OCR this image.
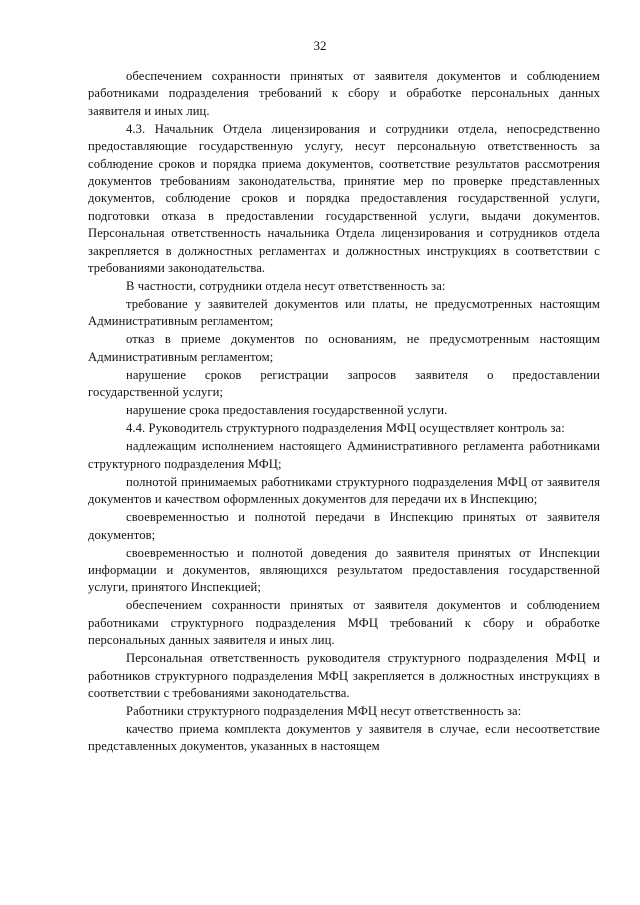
32

обеспечением сохранности принятых от заявителя документов и соблюдением работниками подразделения требований к сбору и обработке персональных данных заявителя и иных лиц.

4.3. Начальник Отдела лицензирования и сотрудники отдела, непосредственно предоставляющие государственную услугу, несут персональную ответственность за соблюдение сроков и порядка приема документов, соответствие результатов рассмотрения документов требованиям законодательства, принятие мер по проверке представленных документов, соблюдение сроков и порядка предоставления государственной услуги, подготовки отказа в предоставлении государственной услуги, выдачи документов. Персональная ответственность начальника Отдела лицензирования и сотрудников отдела закрепляется в должностных регламентах и должностных инструкциях в соответствии с требованиями законодательства.

В частности, сотрудники отдела несут ответственность за:

требование у заявителей документов или платы, не предусмотренных настоящим Административным регламентом;

отказ в приеме документов по основаниям, не предусмотренным настоящим Административным регламентом;

нарушение сроков регистрации запросов заявителя о предоставлении государственной услуги;

нарушение срока предоставления государственной услуги.

4.4. Руководитель структурного подразделения МФЦ осуществляет контроль за:

надлежащим исполнением настоящего Административного регламента работниками структурного подразделения МФЦ;

полнотой принимаемых работниками структурного подразделения МФЦ от заявителя документов и качеством оформленных документов для передачи их в Инспекцию;

своевременностью и полнотой передачи в Инспекцию принятых от заявителя документов;

своевременностью и полнотой доведения до заявителя принятых от Инспекции информации и документов, являющихся результатом предоставления государственной услуги, принятого Инспекцией;

обеспечением сохранности принятых от заявителя документов и соблюдением работниками структурного подразделения МФЦ требований к сбору и обработке персональных данных заявителя и иных лиц.

Персональная ответственность руководителя структурного подразделения МФЦ и работников структурного подразделения МФЦ закрепляется в должностных инструкциях в соответствии с требованиями законодательства.

Работники структурного подразделения МФЦ несут ответственность за:

качество приема комплекта документов у заявителя в случае, если несоответствие представленных документов, указанных в настоящем
